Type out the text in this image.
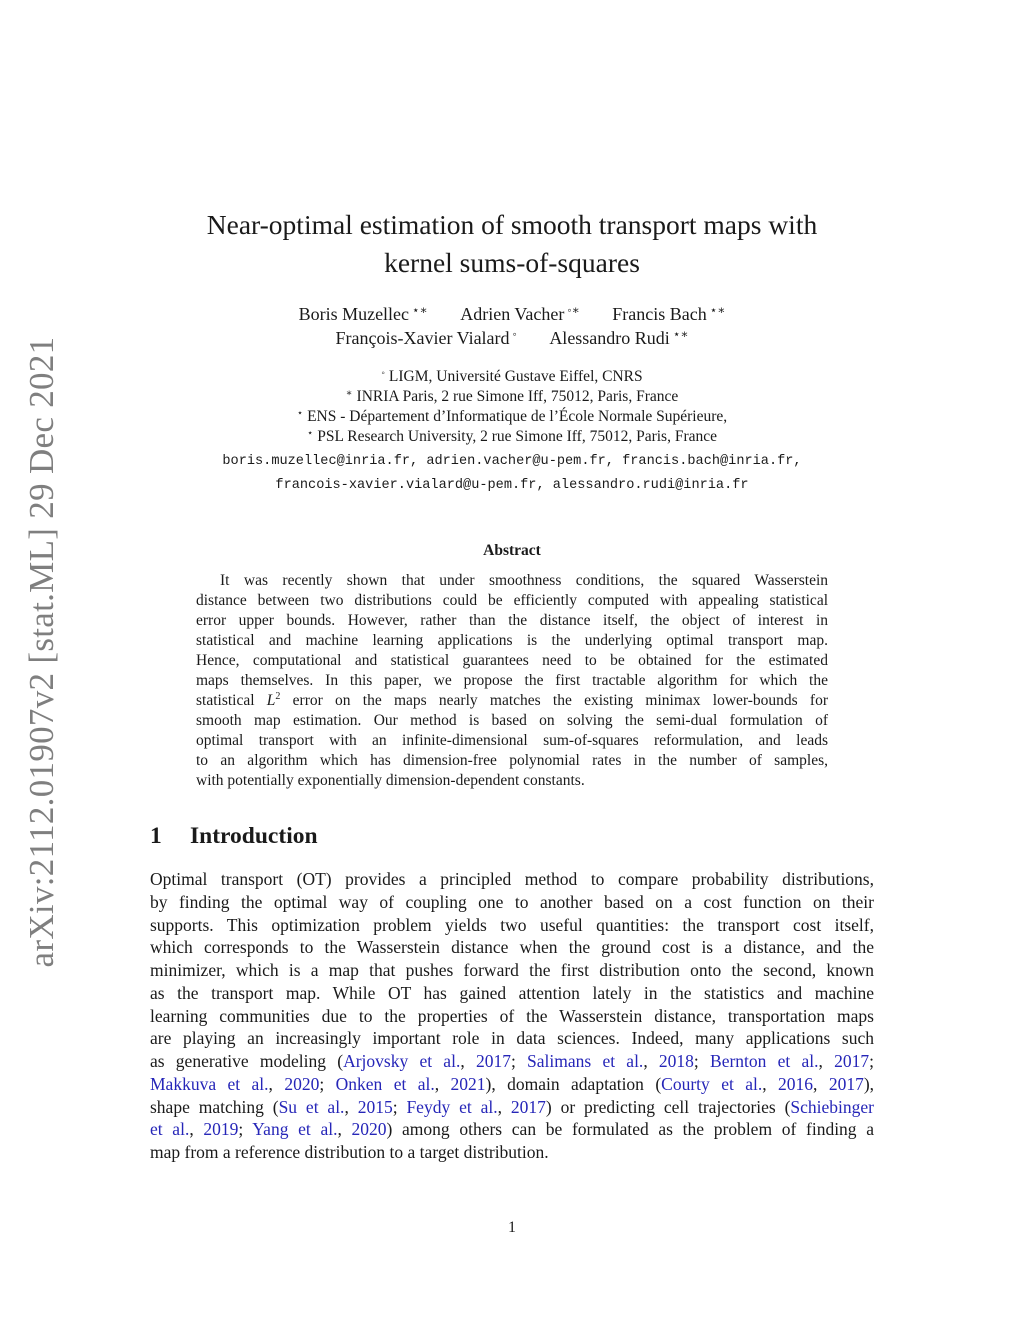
arXiv:2112.01907v2 [stat.ML] 29 Dec 2021
Near-optimal estimation of smooth transport maps with
kernel sums-of-squares
Boris Muzellec ⋆∗ Adrien Vacher ◦∗ Francis Bach ⋆∗
François-Xavier Vialard ◦ Alessandro Rudi ⋆∗
◦ LIGM, Université Gustave Eiffel, CNRS
∗ INRIA Paris, 2 rue Simone Iff, 75012, Paris, France
⋆ ENS - Département d’Informatique de l’École Normale Supérieure,
⋆ PSL Research University, 2 rue Simone Iff, 75012, Paris, France
boris.muzellec@inria.fr, adrien.vacher@u-pem.fr, francis.bach@inria.fr,
francois-xavier.vialard@u-pem.fr, alessandro.rudi@inria.fr
Abstract
It was recently shown that under smoothness conditions, the squared Wasserstein
distance between two distributions could be efficiently computed with appealing statistical
error upper bounds. However, rather than the distance itself, the object of interest in
statistical and machine learning applications is the underlying optimal transport map.
Hence, computational and statistical guarantees need to be obtained for the estimated
maps themselves. In this paper, we propose the first tractable algorithm for which the
statistical $L^2$ error on the maps nearly matches the existing minimax lower-bounds for
smooth map estimation. Our method is based on solving the semi-dual formulation of
optimal transport with an infinite-dimensional sum-of-squares reformulation, and leads
to an algorithm which has dimension-free polynomial rates in the number of samples,
with potentially exponentially dimension-dependent constants.
1 Introduction
Optimal transport (OT) provides a principled method to compare probability distributions,
by finding the optimal way of coupling one to another based on a cost function on their
supports. This optimization problem yields two useful quantities: the transport cost itself,
which corresponds to the Wasserstein distance when the ground cost is a distance, and the
minimizer, which is a map that pushes forward the first distribution onto the second, known
as the transport map. While OT has gained attention lately in the statistics and machine
learning communities due to the properties of the Wasserstein distance, transportation maps
are playing an increasingly important role in data sciences. Indeed, many applications such
as generative modeling (Arjovsky et al., 2017; Salimans et al., 2018; Bernton et al., 2017;
Makkuva et al., 2020; Onken et al., 2021), domain adaptation (Courty et al., 2016, 2017),
shape matching (Su et al., 2015; Feydy et al., 2017) or predicting cell trajectories (Schiebinger
et al., 2019; Yang et al., 2020) among others can be formulated as the problem of finding a
map from a reference distribution to a target distribution.
1
